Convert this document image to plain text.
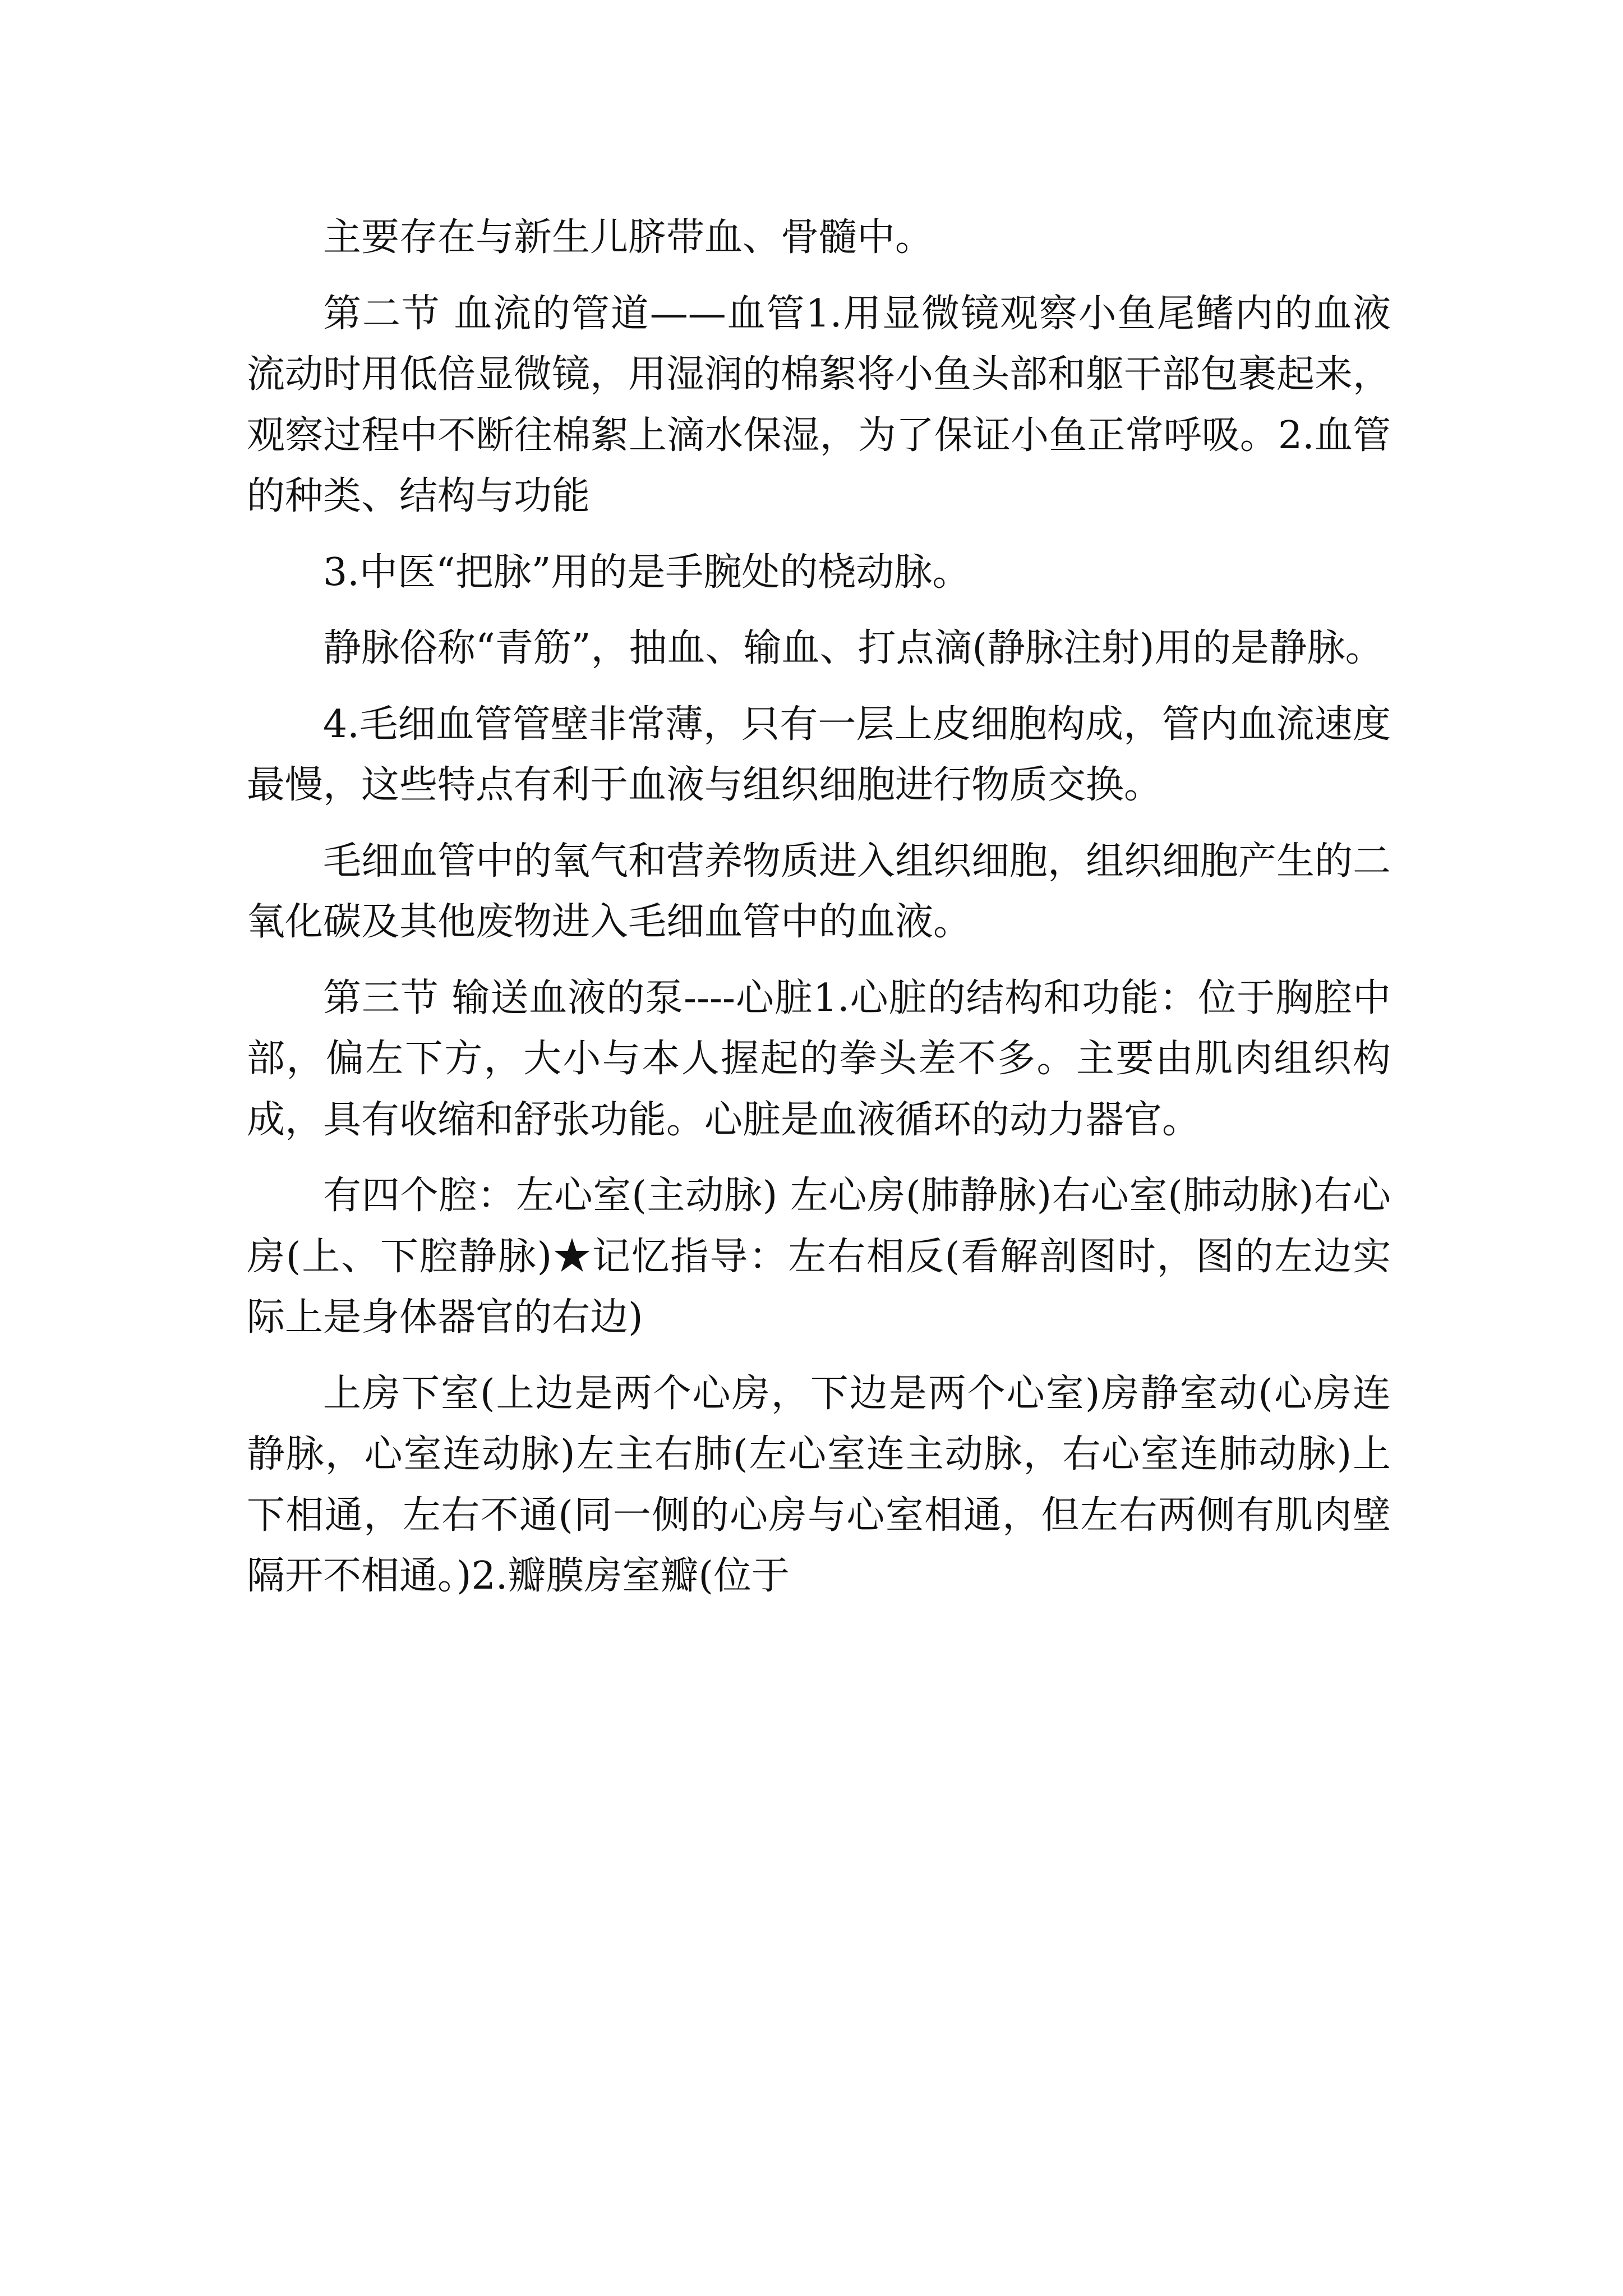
主要存在与新生儿脐带血、骨髓中。

第二节 血流的管道——血管1.用显微镜观察小鱼尾鳍内的血液流动时用低倍显微镜，用湿润的棉絮将小鱼头部和躯干部包裹起来，观察过程中不断往棉絮上滴水保湿，为了保证小鱼正常呼吸。2.血管的种类、结构与功能

3.中医“把脉”用的是手腕处的桡动脉。

静脉俗称“青筋”，抽血、输血、打点滴(静脉注射)用的是静脉。

4.毛细血管管壁非常薄，只有一层上皮细胞构成，管内血流速度最慢，这些特点有利于血液与组织细胞进行物质交换。

毛细血管中的氧气和营养物质进入组织细胞，组织细胞产生的二氧化碳及其他废物进入毛细血管中的血液。

第三节 输送血液的泵----心脏1.心脏的结构和功能：位于胸腔中部，偏左下方，大小与本人握起的拳头差不多。主要由肌肉组织构成，具有收缩和舒张功能。心脏是血液循环的动力器官。

有四个腔：左心室(主动脉) 左心房(肺静脉)右心室(肺动脉)右心房(上、下腔静脉)★记忆指导：左右相反(看解剖图时，图的左边实际上是身体器官的右边)

上房下室(上边是两个心房，下边是两个心室)房静室动(心房连静脉，心室连动脉)左主右肺(左心室连主动脉，右心室连肺动脉)上下相通，左右不通(同一侧的心房与心室相通，但左右两侧有肌肉壁隔开不相通。)2.瓣膜房室瓣(位于
